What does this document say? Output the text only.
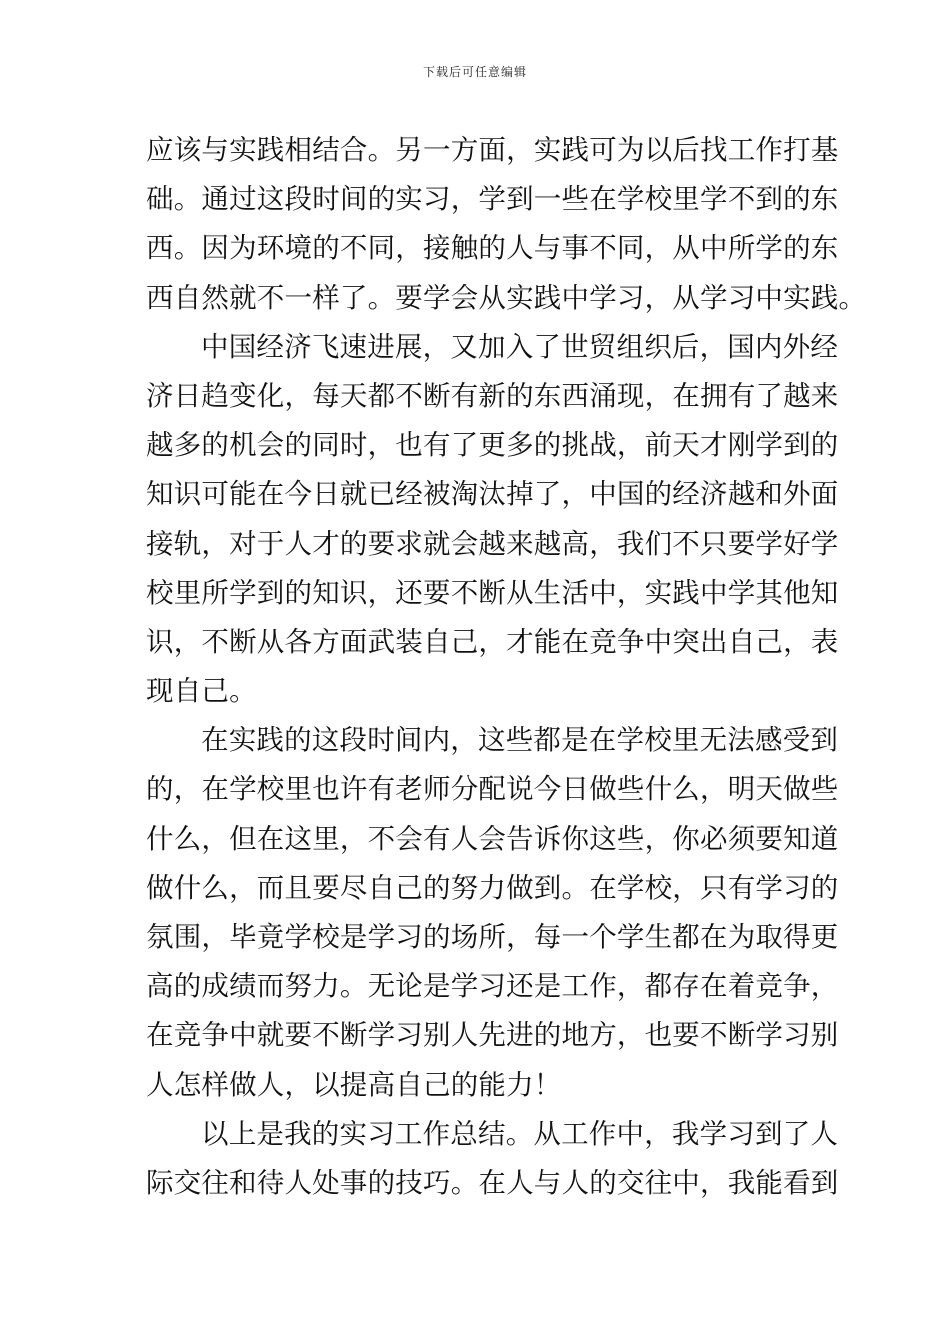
下载后可任意编辑
应该与实践相结合。另一方面，实践可为以后找工作打基
础。通过这段时间的实习，学到一些在学校里学不到的东
西。因为环境的不同，接触的人与事不同，从中所学的东
西自然就不一样了。要学会从实践中学习，从学习中实践。
中国经济飞速进展，又加入了世贸组织后，国内外经
济日趋变化，每天都不断有新的东西涌现，在拥有了越来
越多的机会的同时，也有了更多的挑战，前天才刚学到的
知识可能在今日就已经被淘汰掉了，中国的经济越和外面
接轨，对于人才的要求就会越来越高，我们不只要学好学
校里所学到的知识，还要不断从生活中，实践中学其他知
识，不断从各方面武装自己，才能在竞争中突出自己，表
现自己。
在实践的这段时间内，这些都是在学校里无法感受到
的，在学校里也许有老师分配说今日做些什么，明天做些
什么，但在这里，不会有人会告诉你这些，你必须要知道
做什么，而且要尽自己的努力做到。在学校，只有学习的
氛围，毕竟学校是学习的场所，每一个学生都在为取得更
高的成绩而努力。无论是学习还是工作，都存在着竞争，
在竞争中就要不断学习别人先进的地方，也要不断学习别
人怎样做人，以提高自己的能力！
以上是我的实习工作总结。从工作中，我学习到了人
际交往和待人处事的技巧。在人与人的交往中，我能看到
